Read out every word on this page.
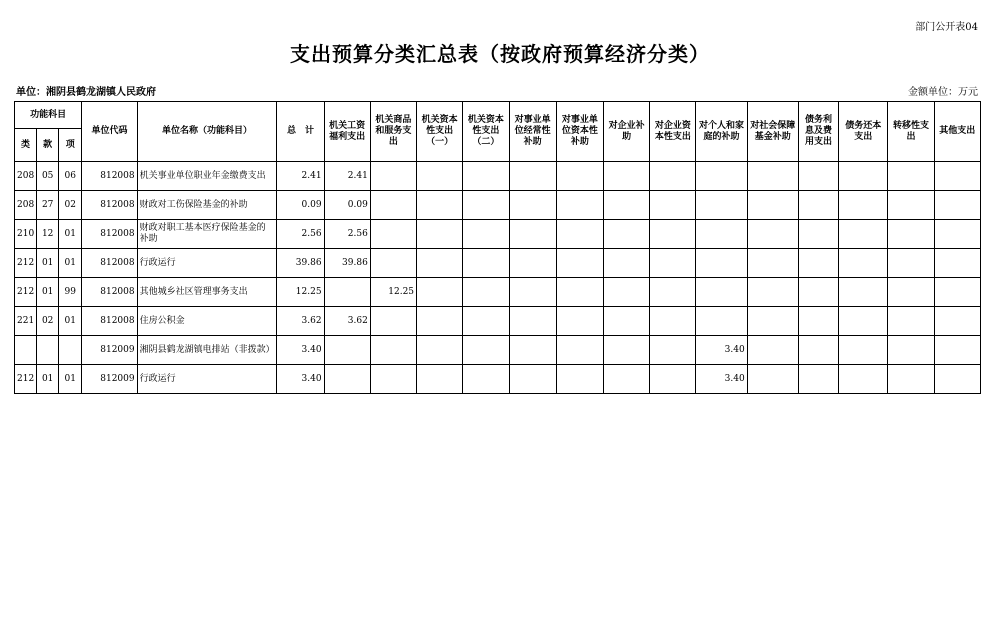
部门公开表04
支出预算分类汇总表（按政府预算经济分类）
单位：湘阴县鹤龙湖镇人民政府	金额单位：万元
功能科目			单位代码	单位名称（功能科目）	总　计	机关工资福利支出	机关商品和服务支出	机关资本性支出（一）	机关资本性支出（二）	对事业单位经常性补助	对事业单位资本性补助	对企业补助	对企业资本性支出	对个人和家庭的补助	对社会保障基金补助	债务利息及费用支出	债务还本支出	转移性支出	其他支出
类	款	项																	
208	05	06	812008	机关事业单位职业年金缴费支出	2.41	2.41													
208	27	02	812008	财政对工伤保险基金的补助	0.09	0.09													
210	12	01	812008	财政对职工基本医疗保险基金的补助	2.56	2.56													
212	01	01	812008	行政运行	39.86	39.86													
212	01	99	812008	其他城乡社区管理事务支出	12.25		12.25												
221	02	01	812008	住房公积金	3.62	3.62													
			812009	湘阴县鹤龙湖镇电排站（非拨款）	3.40									3.40					
212	01	01	812009	行政运行	3.40									3.40					
